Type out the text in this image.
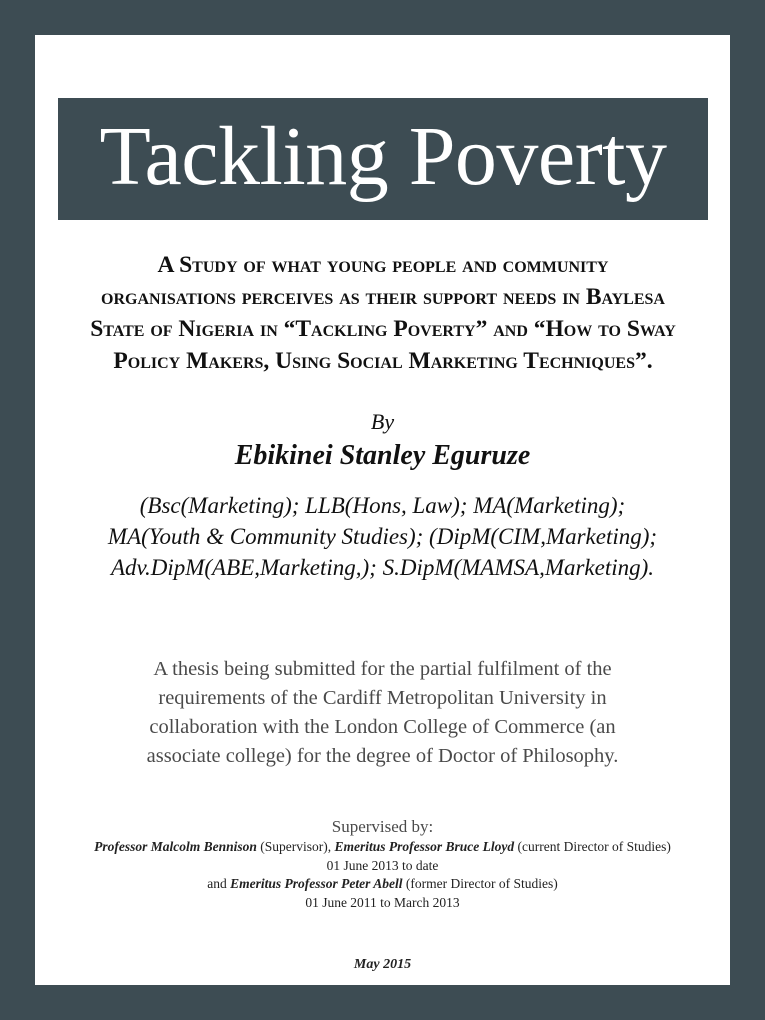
Tackling Poverty
A Study of what young people and community
organisations perceives as their support needs in Baylesa
State of Nigeria in “Tackling Poverty” and “How to Sway
Policy Makers, Using Social Marketing Techniques”.
By
Ebikinei Stanley Eguruze
(Bsc(Marketing); LLB(Hons, Law); MA(Marketing);
MA(Youth & Community Studies); (DipM(CIM,Marketing);
Adv.DipM(ABE,Marketing,); S.DipM(MAMSA,Marketing).
A thesis being submitted for the partial fulfilment of the
requirements of the Cardiff Metropolitan University in
collaboration with the London College of Commerce (an
associate college) for the degree of Doctor of Philosophy.
Supervised by:
Professor Malcolm Bennison (Supervisor), Emeritus Professor Bruce Lloyd (current Director of Studies)
01 June 2013 to date
and Emeritus Professor Peter Abell (former Director of Studies)
01 June 2011 to March 2013
May 2015
